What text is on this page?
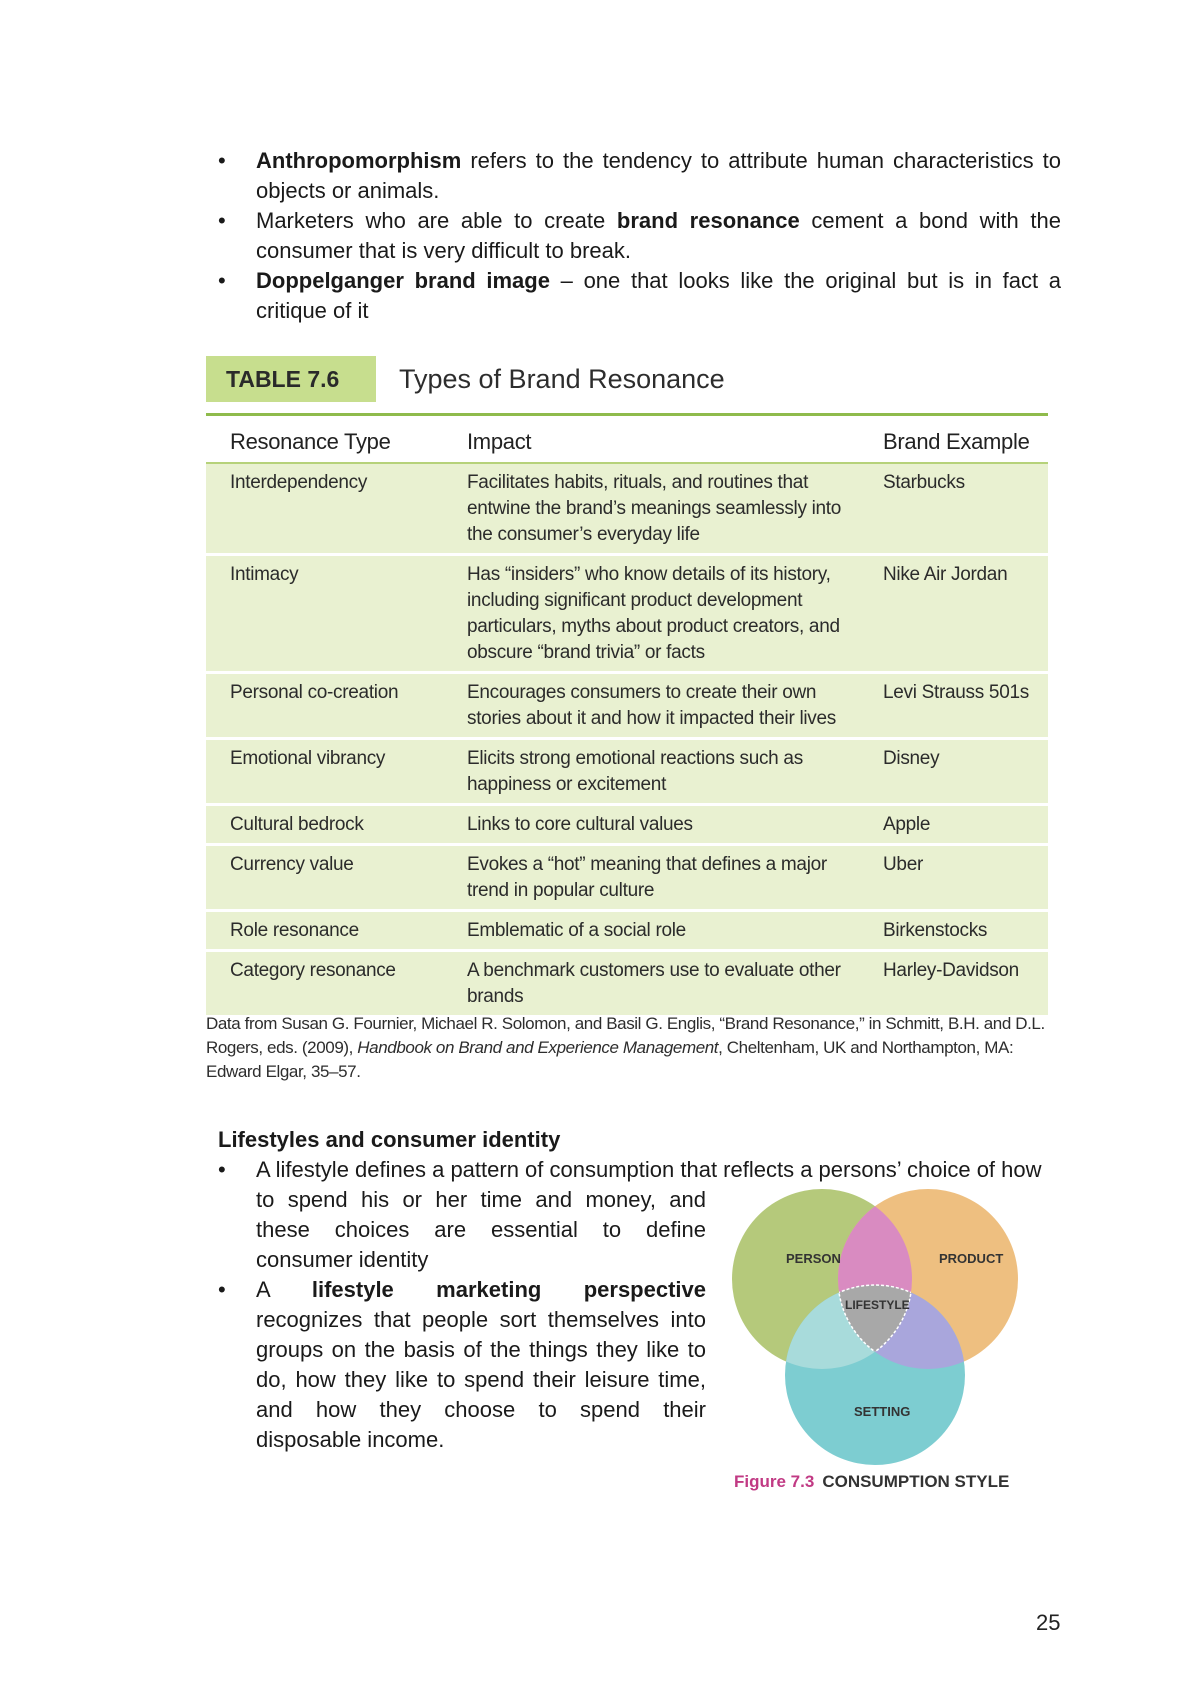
• Anthropomorphism refers to the tendency to attribute human characteristics to objects or animals.
• Marketers who are able to create brand resonance cement a bond with the consumer that is very difficult to break.
• Doppelganger brand image – one that looks like the original but is in fact a critique of it
TABLE 7.6 Types of Brand Resonance
Resonance Type	Impact	Brand Example
Interdependency	Facilitates habits, rituals, and routines that entwine the brand’s meanings seamlessly into the consumer’s everyday life	Starbucks
Intimacy	Has “insiders” who know details of its history, including significant product development particulars, myths about product creators, and obscure “brand trivia” or facts	Nike Air Jordan
Personal co-creation	Encourages consumers to create their own stories about it and how it impacted their lives	Levi Strauss 501s
Emotional vibrancy	Elicits strong emotional reactions such as happiness or excitement	Disney
Cultural bedrock	Links to core cultural values	Apple
Currency value	Evokes a “hot” meaning that defines a major trend in popular culture	Uber
Role resonance	Emblematic of a social role	Birkenstocks
Category resonance	A benchmark customers use to evaluate other brands	Harley-Davidson
Data from Susan G. Fournier, Michael R. Solomon, and Basil G. Englis, “Brand Resonance,” in Schmitt, B.H. and D.L. Rogers, eds. (2009), Handbook on Brand and Experience Management, Cheltenham, UK and Northampton, MA: Edward Elgar, 35–57.

Lifestyles and consumer identity

• A lifestyle defines a pattern of consumption that reflects a persons’ choice of how
to spend his or her time and money, and these choices are essential to define consumer identity
• A lifestyle marketing perspective recognizes that people sort themselves into groups on the basis of the things they like to do, how they like to spend their leisure time, and how they choose to spend their disposable income.
PERSON	PRODUCT
LIFESTYLE
SETTING
Figure 7.3 CONSUMPTION STYLE
25
